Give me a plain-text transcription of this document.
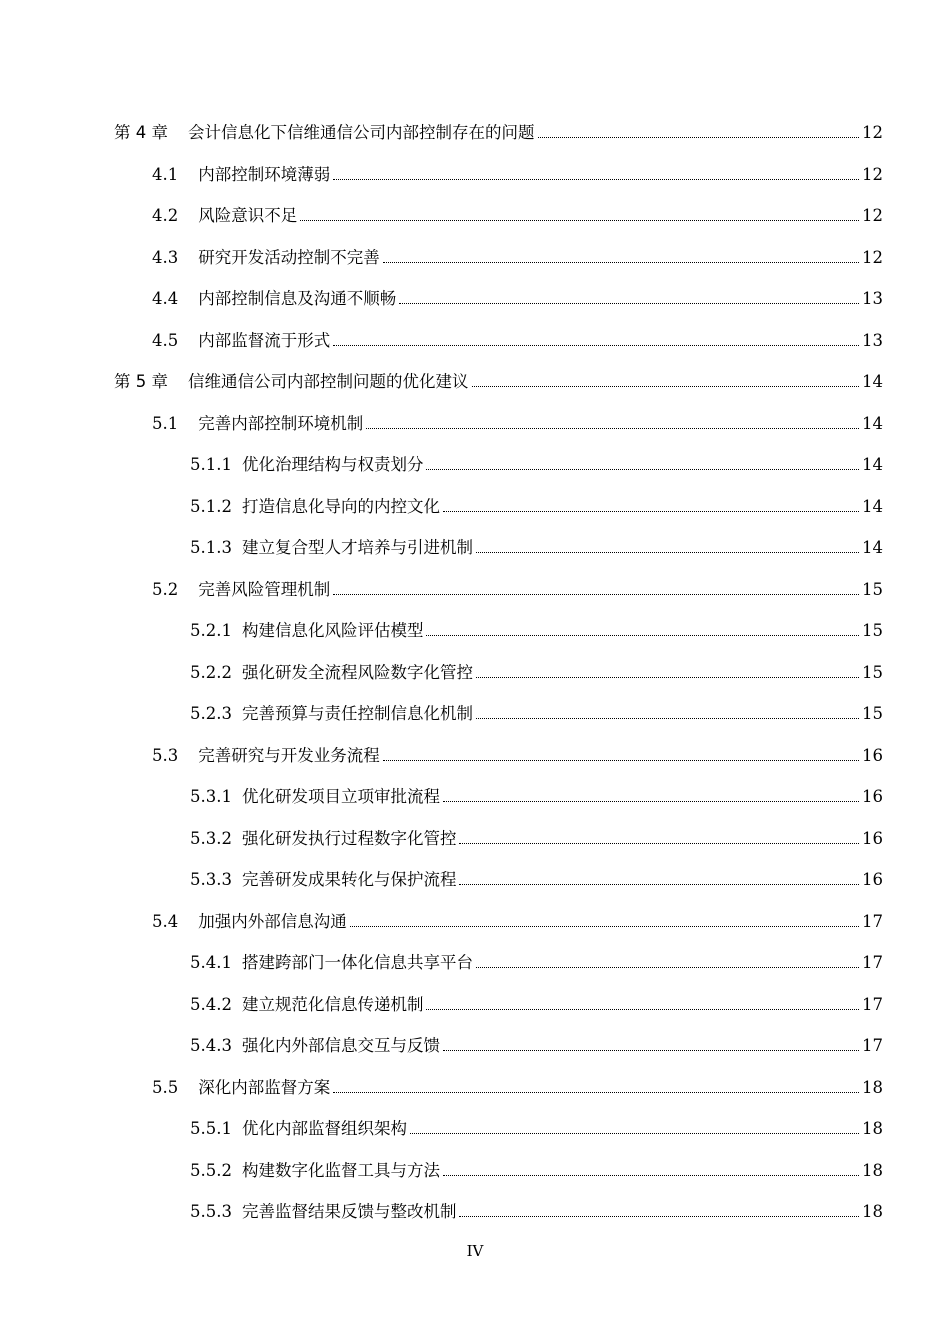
第 4 章 会计信息化下信维通信公司内部控制存在的问题	12
4.1 内部控制环境薄弱	12
4.2 风险意识不足	12
4.3 研究开发活动控制不完善	12
4.4 内部控制信息及沟通不顺畅	13
4.5 内部监督流于形式	13
第 5 章 信维通信公司内部控制问题的优化建议	14
5.1 完善内部控制环境机制	14
5.1.1 优化治理结构与权责划分	14
5.1.2 打造信息化导向的内控文化	14
5.1.3 建立复合型人才培养与引进机制	14
5.2 完善风险管理机制	15
5.2.1 构建信息化风险评估模型	15
5.2.2 强化研发全流程风险数字化管控	15
5.2.3 完善预算与责任控制信息化机制	15
5.3 完善研究与开发业务流程	16
5.3.1 优化研发项目立项审批流程	16
5.3.2 强化研发执行过程数字化管控	16
5.3.3 完善研发成果转化与保护流程	16
5.4 加强内外部信息沟通	17
5.4.1 搭建跨部门一体化信息共享平台	17
5.4.2 建立规范化信息传递机制	17
5.4.3 强化内外部信息交互与反馈	17
5.5 深化内部监督方案	18
5.5.1 优化内部监督组织架构	18
5.5.2 构建数字化监督工具与方法	18
5.5.3 完善监督结果反馈与整改机制	18
IV
